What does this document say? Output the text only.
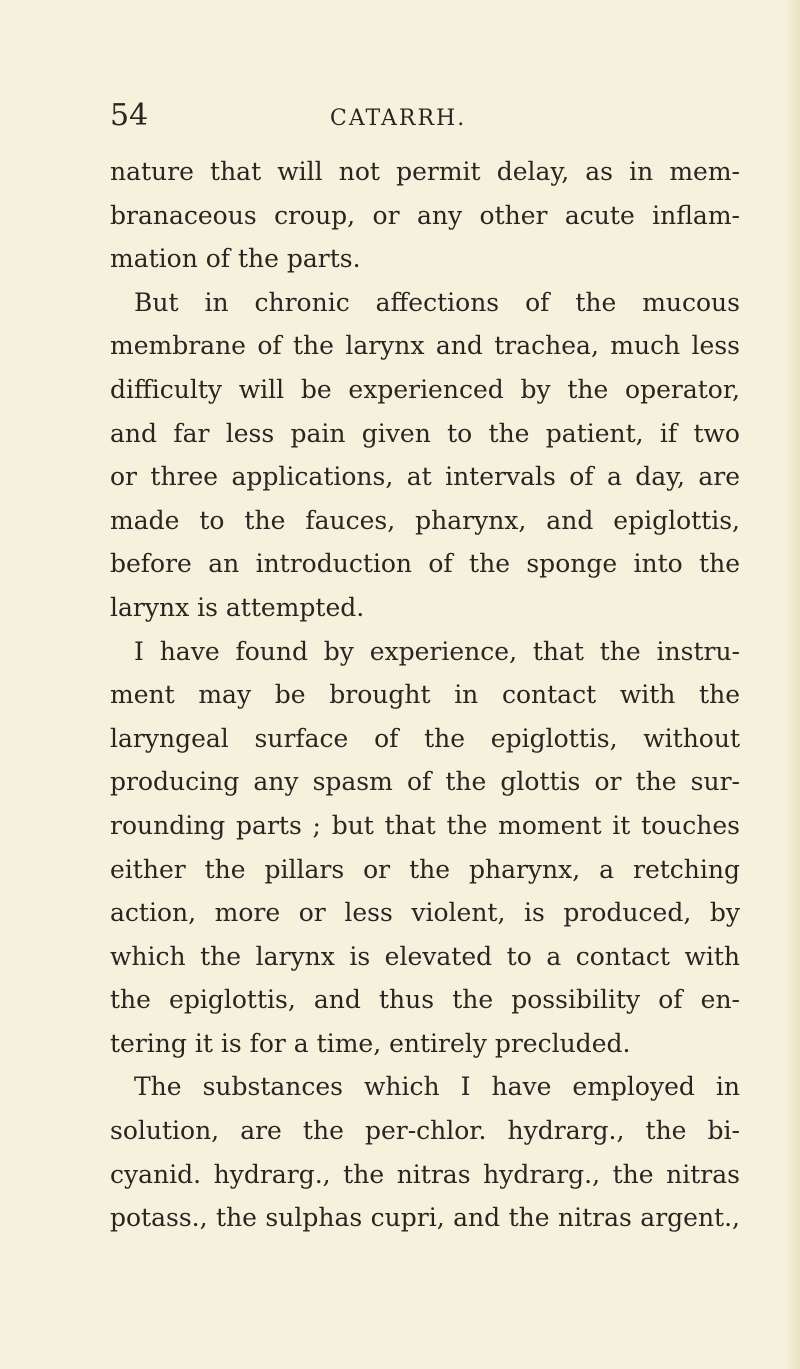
54	CATARRH.
nature that will not permit delay, as in mem-
branaceous croup, or any other acute inflam-
mation of the parts.
But in chronic affections of the mucous
membrane of the larynx and trachea, much less
difficulty will be experienced by the operator,
and far less pain given to the patient, if two
or three applications, at intervals of a day, are
made to the fauces, pharynx, and epiglottis,
before an introduction of the sponge into the
larynx is attempted.
I have found by experience, that the instru-
ment may be brought in contact with the
laryngeal surface of the epiglottis, without
producing any spasm of the glottis or the sur-
rounding parts ; but that the moment it touches
either the pillars or the pharynx, a retching
action, more or less violent, is produced, by
which the larynx is elevated to a contact with
the epiglottis, and thus the possibility of en-
tering it is for a time, entirely precluded.
The substances which I have employed in
solution, are the per-chlor. hydrarg., the bi-
cyanid. hydrarg., the nitras hydrarg., the nitras
potass., the sulphas cupri, and the nitras argent.,
